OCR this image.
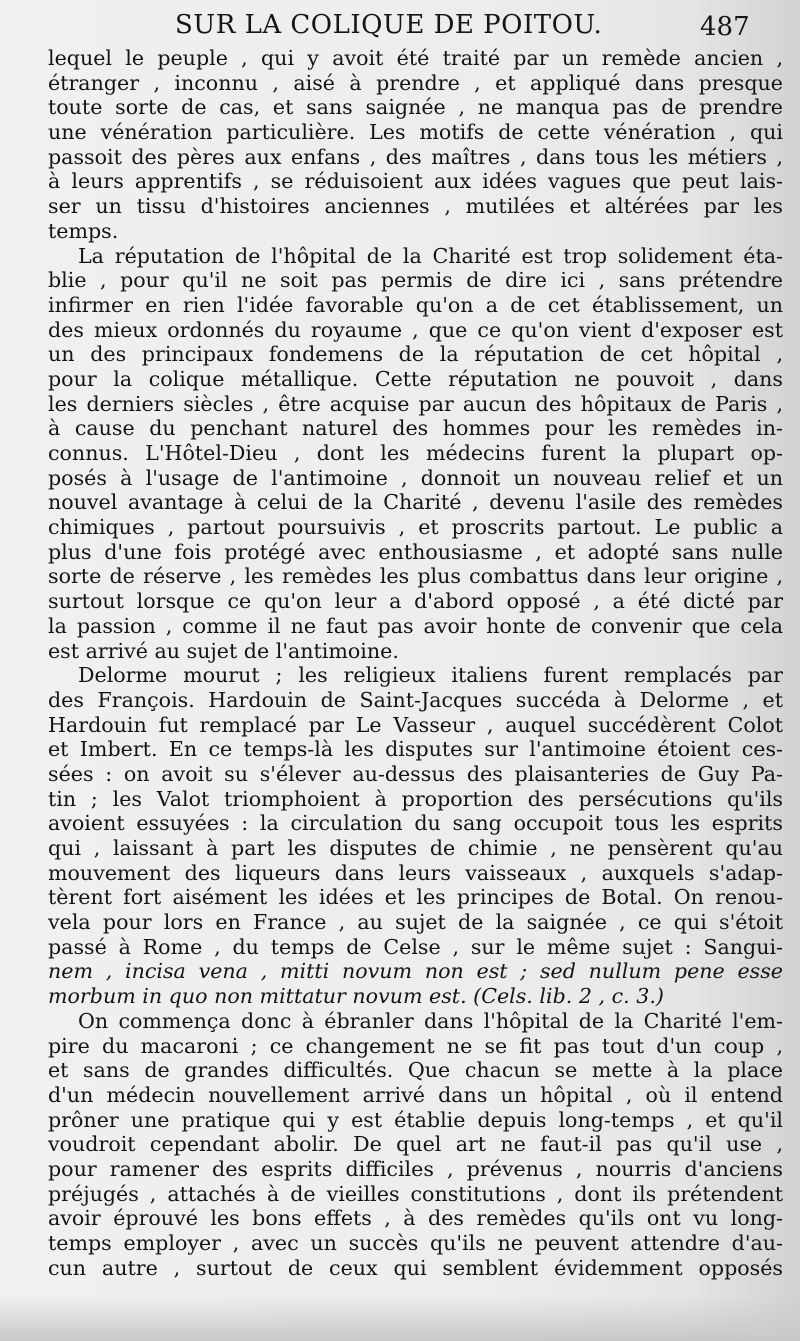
SUR LA COLIQUE DE POITOU.	487
lequel le peuple , qui y avoit été traité par un remède ancien ,
étranger , inconnu , aisé à prendre , et appliqué dans presque
toute sorte de cas, et sans saignée , ne manqua pas de prendre
une vénération particulière. Les motifs de cette vénération , qui
passoit des pères aux enfans , des maîtres , dans tous les métiers ,
à leurs apprentifs , se réduisoient aux idées vagues que peut lais-
ser un tissu d'histoires anciennes , mutilées et altérées par les
temps.
La réputation de l'hôpital de la Charité est trop solidement éta-
blie , pour qu'il ne soit pas permis de dire ici , sans prétendre
infirmer en rien l'idée favorable qu'on a de cet établissement, un
des mieux ordonnés du royaume , que ce qu'on vient d'exposer est
un des principaux fondemens de la réputation de cet hôpital ,
pour la colique métallique. Cette réputation ne pouvoit , dans
les derniers siècles , être acquise par aucun des hôpitaux de Paris ,
à cause du penchant naturel des hommes pour les remèdes in-
connus. L'Hôtel-Dieu , dont les médecins furent la plupart op-
posés à l'usage de l'antimoine , donnoit un nouveau relief et un
nouvel avantage à celui de la Charité , devenu l'asile des remèdes
chimiques , partout poursuivis , et proscrits partout. Le public a
plus d'une fois protégé avec enthousiasme , et adopté sans nulle
sorte de réserve , les remèdes les plus combattus dans leur origine ,
surtout lorsque ce qu'on leur a d'abord opposé , a été dicté par
la passion , comme il ne faut pas avoir honte de convenir que cela
est arrivé au sujet de l'antimoine.
Delorme mourut ; les religieux italiens furent remplacés par
des François. Hardouin de Saint-Jacques succéda à Delorme , et
Hardouin fut remplacé par Le Vasseur , auquel succédèrent Colot
et Imbert. En ce temps-là les disputes sur l'antimoine étoient ces-
sées : on avoit su s'élever au-dessus des plaisanteries de Guy Pa-
tin ; les Valot triomphoient à proportion des persécutions qu'ils
avoient essuyées : la circulation du sang occupoit tous les esprits
qui , laissant à part les disputes de chimie , ne pensèrent qu'au
mouvement des liqueurs dans leurs vaisseaux , auxquels s'adap-
tèrent fort aisément les idées et les principes de Botal. On renou-
vela pour lors en France , au sujet de la saignée , ce qui s'étoit
passé à Rome , du temps de Celse , sur le même sujet : Sangui-
nem , incisa vena , mitti novum non est ; sed nullum pene esse
morbum in quo non mittatur novum est. (Cels. lib. 2 , c. 3.)
On commença donc à ébranler dans l'hôpital de la Charité l'em-
pire du macaroni ; ce changement ne se fit pas tout d'un coup ,
et sans de grandes difficultés. Que chacun se mette à la place
d'un médecin nouvellement arrivé dans un hôpital , où il entend
prôner une pratique qui y est établie depuis long-temps , et qu'il
voudroit cependant abolir. De quel art ne faut-il pas qu'il use ,
pour ramener des esprits difficiles , prévenus , nourris d'anciens
préjugés , attachés à de vieilles constitutions , dont ils prétendent
avoir éprouvé les bons effets , à des remèdes qu'ils ont vu long-
temps employer , avec un succès qu'ils ne peuvent attendre d'au-
cun autre , surtout de ceux qui semblent évidemment opposés
